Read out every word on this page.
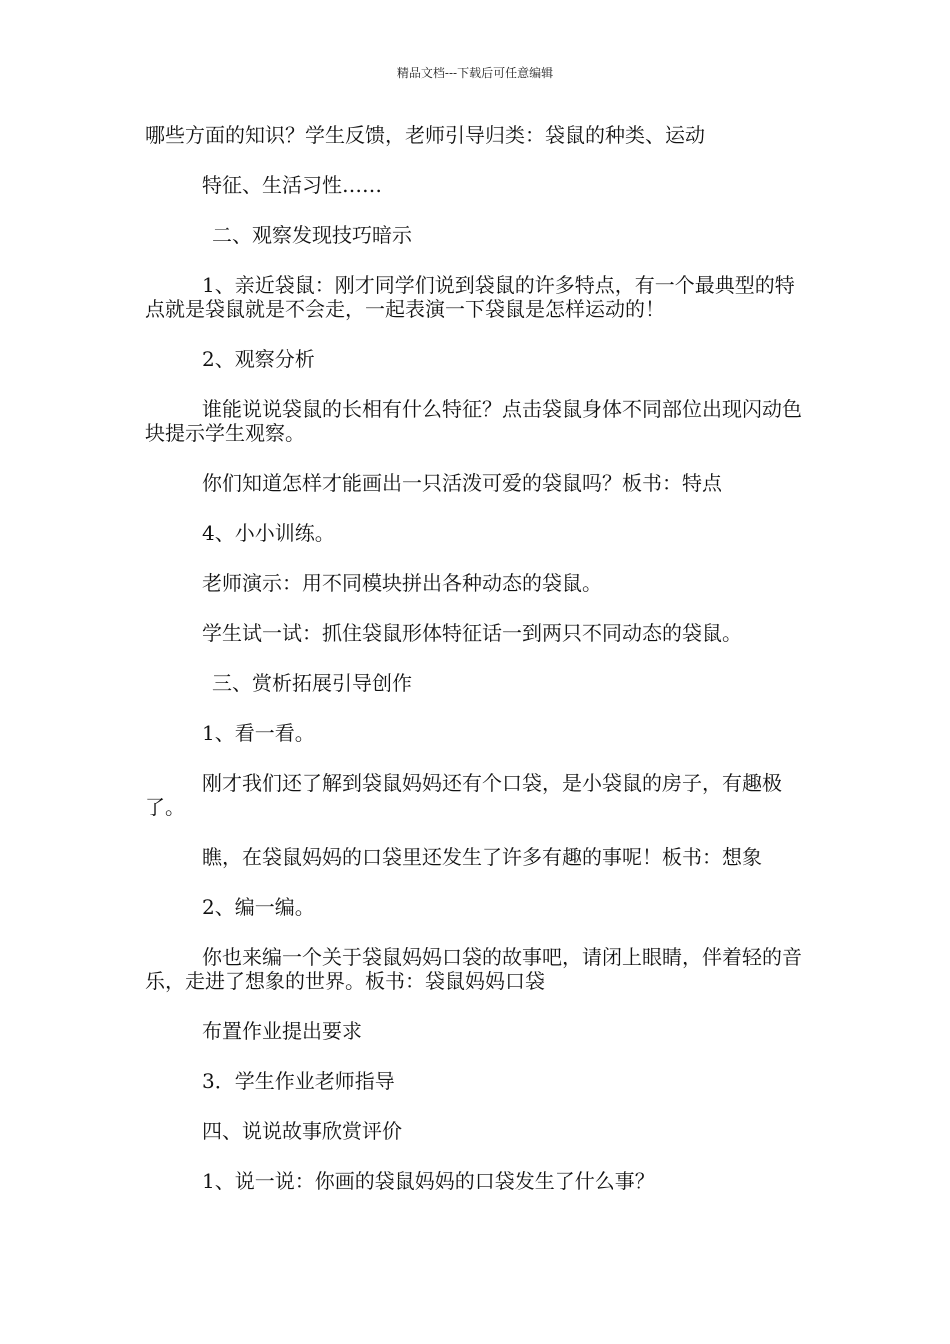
精品文档---下载后可任意编辑

哪些方面的知识？学生反馈，老师引导归类：袋鼠的种类、运动

特征、生活习性……

二、观察发现技巧暗示

1、亲近袋鼠：刚才同学们说到袋鼠的许多特点，有一个最典型的特点就是袋鼠就是不会走，一起表演一下袋鼠是怎样运动的！

2、观察分析

谁能说说袋鼠的长相有什么特征？点击袋鼠身体不同部位出现闪动色块提示学生观察。

你们知道怎样才能画出一只活泼可爱的袋鼠吗？板书：特点

4、小小训练。

老师演示：用不同模块拼出各种动态的袋鼠。

学生试一试：抓住袋鼠形体特征话一到两只不同动态的袋鼠。

三、赏析拓展引导创作

1、看一看。

刚才我们还了解到袋鼠妈妈还有个口袋，是小袋鼠的房子，有趣极了。

瞧，在袋鼠妈妈的口袋里还发生了许多有趣的事呢！板书：想象

2、编一编。

你也来编一个关于袋鼠妈妈口袋的故事吧，请闭上眼睛，伴着轻的音乐，走进了想象的世界。板书：袋鼠妈妈口袋

布置作业提出要求

3．学生作业老师指导

四、说说故事欣赏评价

1、说一说：你画的袋鼠妈妈的口袋发生了什么事？
